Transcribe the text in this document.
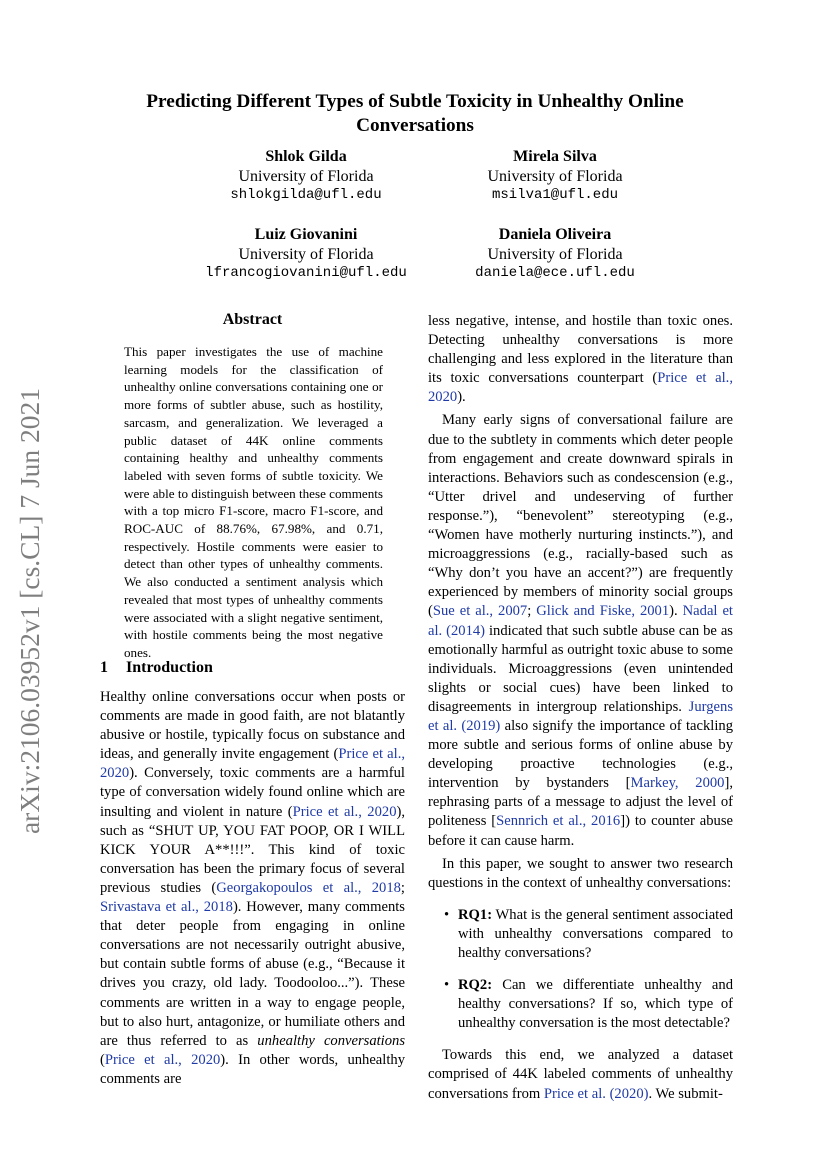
arXiv:2106.03952v1 [cs.CL] 7 Jun 2021
Predicting Different Types of Subtle Toxicity in Unhealthy Online
Conversations
Shlok Gilda
University of Florida
shlokgilda@ufl.edu
Mirela Silva
University of Florida
msilva1@ufl.edu
Luiz Giovanini
University of Florida
lfrancogiovanini@ufl.edu
Daniela Oliveira
University of Florida
daniela@ece.ufl.edu
Abstract
This paper investigates the use of machine learning models for the classification of unhealthy online conversations containing one or more forms of subtler abuse, such as hostility, sarcasm, and generalization. We leveraged a public dataset of 44K online comments containing healthy and unhealthy comments labeled with seven forms of subtle toxicity. We were able to distinguish between these comments with a top micro F1-score, macro F1-score, and ROC-AUC of 88.76%, 67.98%, and 0.71, respectively. Hostile comments were easier to detect than other types of unhealthy comments. We also conducted a sentiment analysis which revealed that most types of unhealthy comments were associated with a slight negative sentiment, with hostile comments being the most negative ones.
1 Introduction

Healthy online conversations occur when posts or comments are made in good faith, are not blatantly abusive or hostile, typically focus on substance and ideas, and generally invite engagement (Price et al., 2020). Conversely, toxic comments are a harmful type of conversation widely found online which are insulting and violent in nature (Price et al., 2020), such as “SHUT UP, YOU FAT POOP, OR I WILL KICK YOUR A**!!!”. This kind of toxic conversation has been the primary focus of several previous studies (Georgakopoulos et al., 2018; Srivastava et al., 2018). However, many comments that deter people from engaging in online conversations are not necessarily outright abusive, but contain subtle forms of abuse (e.g., “Because it drives you crazy, old lady. Toodooloo...”). These comments are written in a way to engage people, but to also hurt, antagonize, or humiliate others and are thus referred to as unhealthy conversations (Price et al., 2020). In other words, unhealthy comments are

less negative, intense, and hostile than toxic ones. Detecting unhealthy conversations is more challenging and less explored in the literature than its toxic conversations counterpart (Price et al., 2020).

Many early signs of conversational failure are due to the subtlety in comments which deter people from engagement and create downward spirals in interactions. Behaviors such as condescension (e.g., “Utter drivel and undeserving of further response.”), “benevolent” stereotyping (e.g., “Women have motherly nurturing instincts.”), and microaggressions (e.g., racially-based such as “Why don’t you have an accent?”) are frequently experienced by members of minority social groups (Sue et al., 2007; Glick and Fiske, 2001). Nadal et al. (2014) indicated that such subtle abuse can be as emotionally harmful as outright toxic abuse to some individuals. Microaggressions (even unintended slights or social cues) have been linked to disagreements in intergroup relationships. Jurgens et al. (2019) also signify the importance of tackling more subtle and serious forms of online abuse by developing proactive technologies (e.g., intervention by bystanders [Markey, 2000], rephrasing parts of a message to adjust the level of politeness [Sennrich et al., 2016]) to counter abuse before it can cause harm.

In this paper, we sought to answer two research questions in the context of unhealthy conversations:

• RQ1: What is the general sentiment associated with unhealthy conversations compared to healthy conversations?
• RQ2: Can we differentiate unhealthy and healthy conversations? If so, which type of unhealthy conversation is the most detectable?

Towards this end, we analyzed a dataset comprised of 44K labeled comments of unhealthy conversations from Price et al. (2020). We submit-
